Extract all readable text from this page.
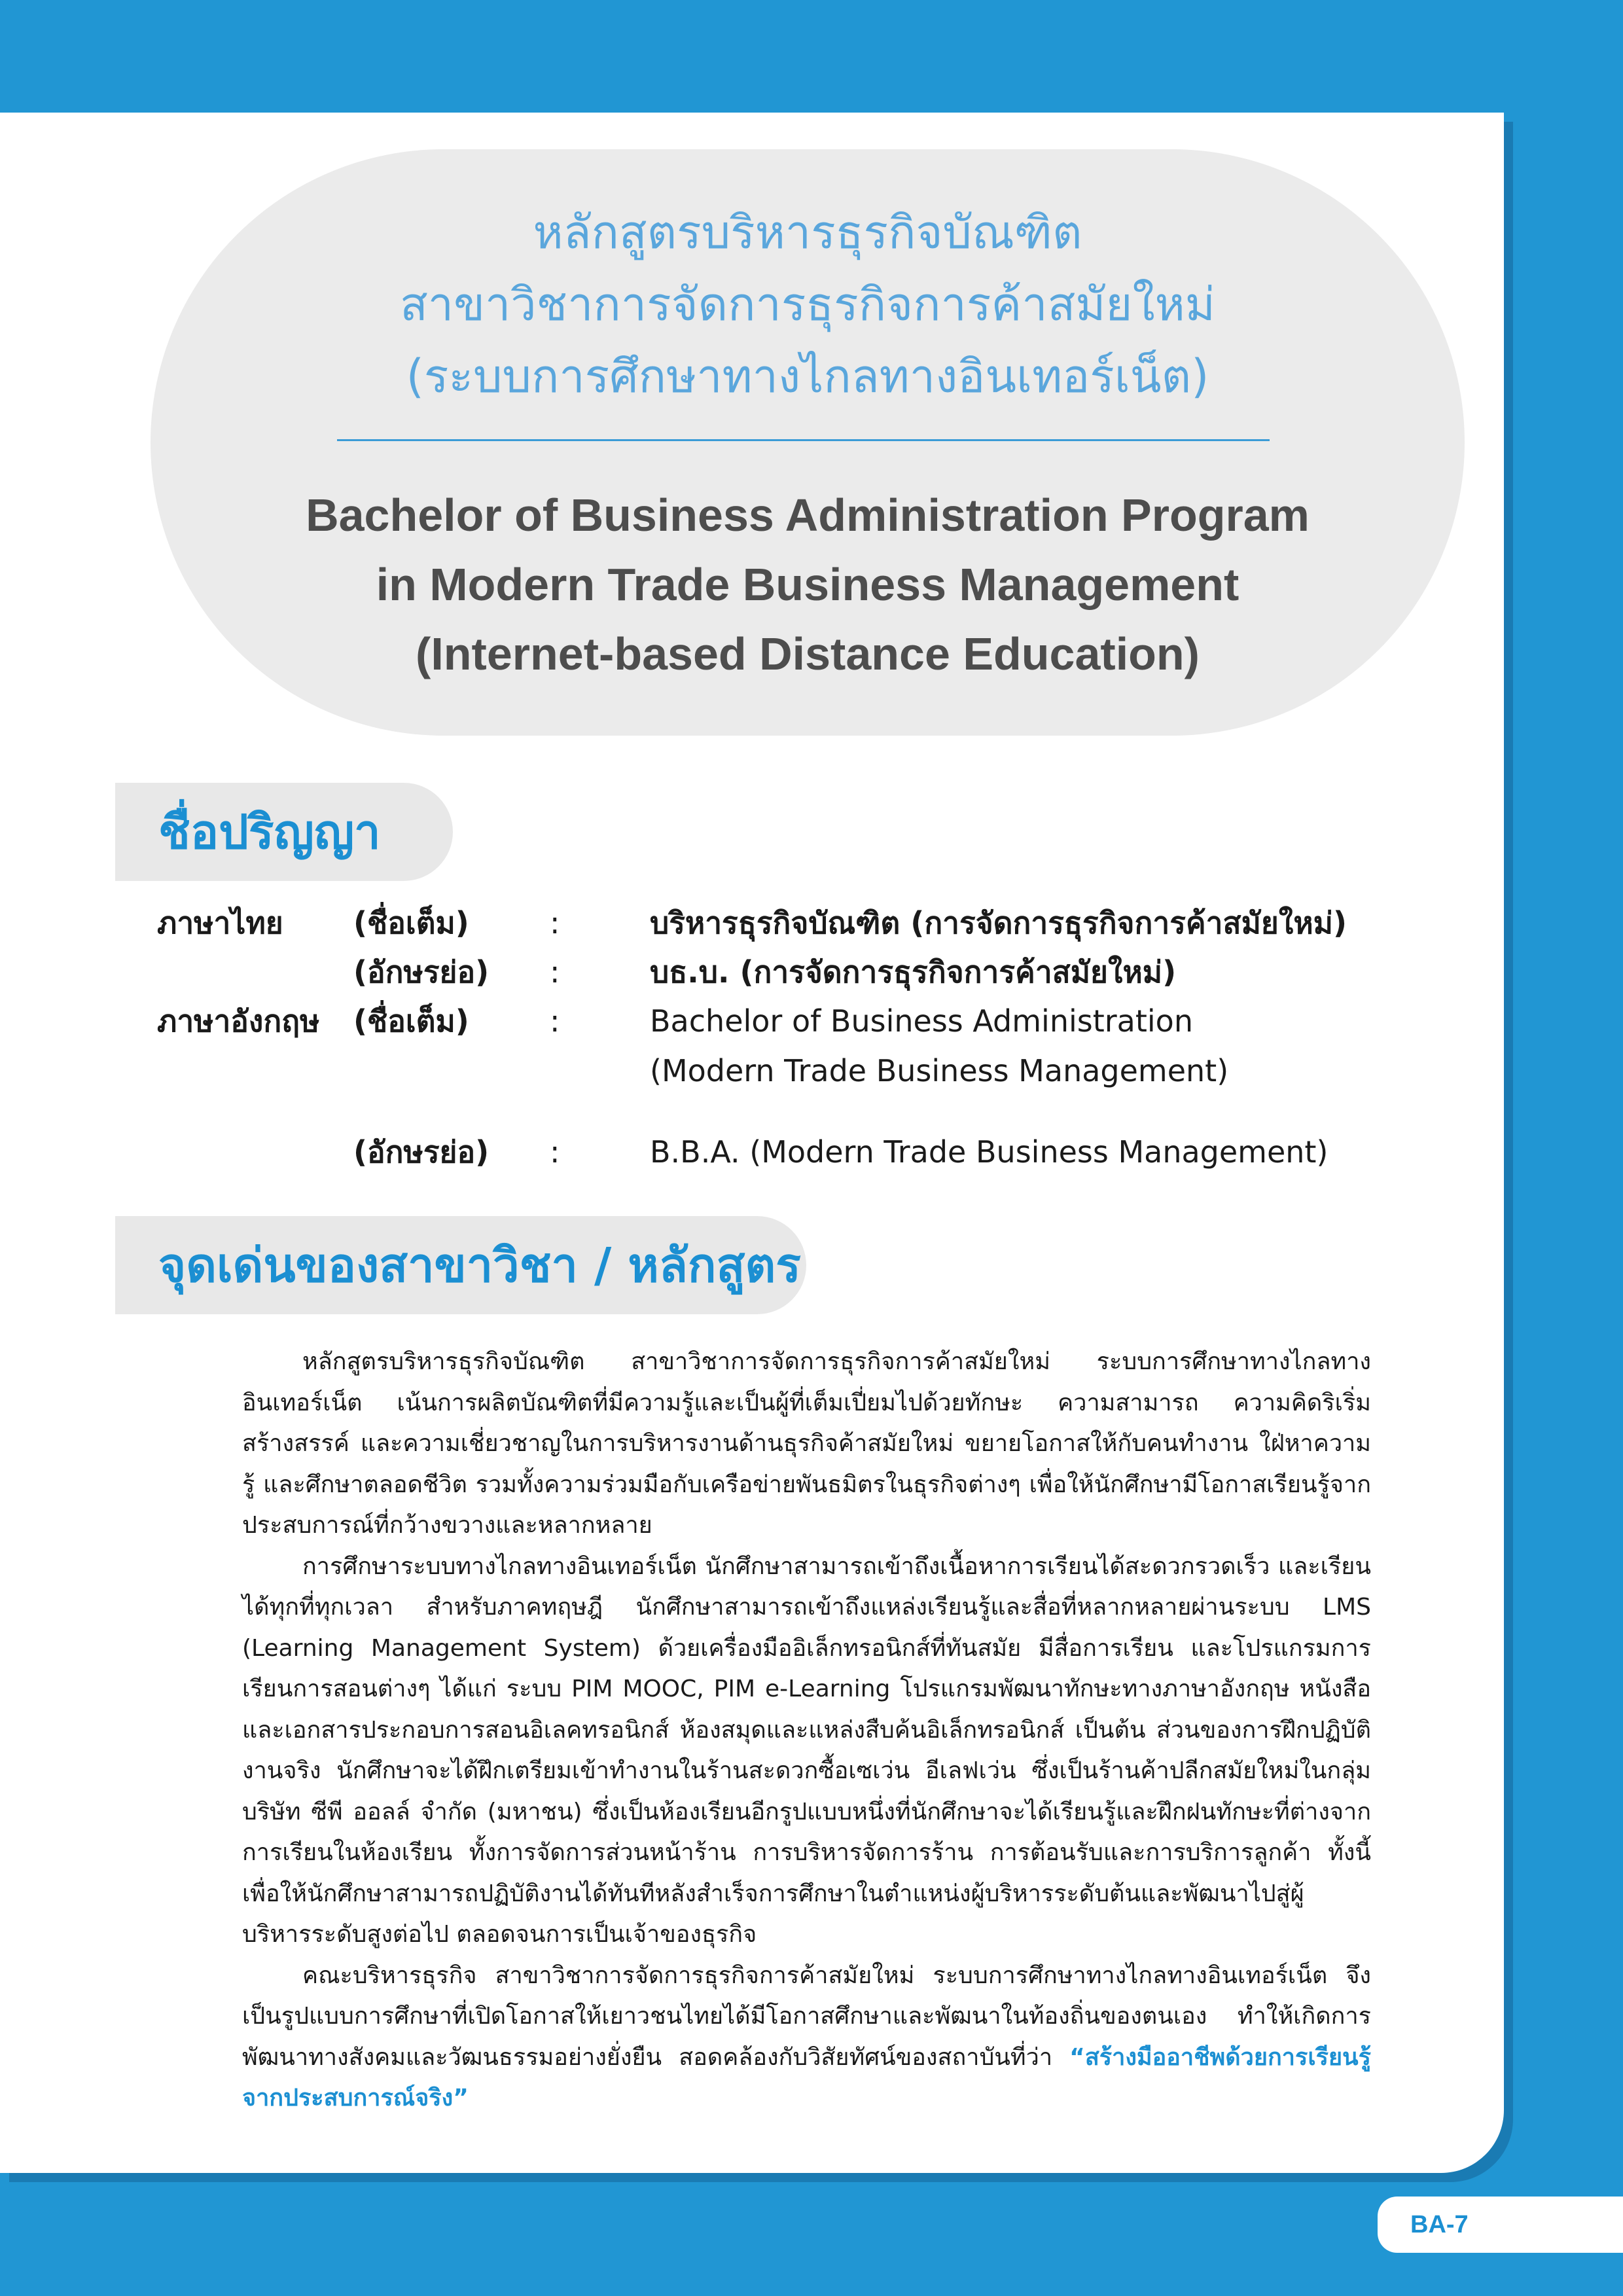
หลักสูตรบริหารธุรกิจบัณฑิต
สาขาวิชาการจัดการธุรกิจการค้าสมัยใหม่
(ระบบการศึกษาทางไกลทางอินเทอร์เน็ต)
Bachelor of Business Administration Program
in Modern Trade Business Management
(Internet-based Distance Education)
ชื่อปริญญา
ภาษาไทย (ชื่อเต็ม)	:	บริหารธุรกิจบัณฑิต (การจัดการธุรกิจการค้าสมัยใหม่)
(อักษรย่อ) :	บธ.บ. (การจัดการธุรกิจการค้าสมัยใหม่)
ภาษาอังกฤษ (ชื่อเต็ม)	:	Bachelor of Business Administration
(Modern Trade Business Management)
(อักษรย่อ) :	B.B.A. (Modern Trade Business Management)
จุดเด่นของสาขาวิชา / หลักสูตร

หลักสูตรบริหารธุรกิจบัณฑิต สาขาวิชาการจัดการธุรกิจการค้าสมัยใหม่ ระบบการศึกษาทางไกลทางอินเทอร์เน็ต เน้นการผลิตบัณฑิตที่มีความรู้และเป็นผู้ที่เต็มเปี่ยมไปด้วยทักษะ ความสามารถ ความคิดริเริ่มสร้างสรรค์ และความเชี่ยวชาญในการบริหารงานด้านธุรกิจค้าสมัยใหม่ ขยายโอกาสให้กับคนทำงาน ใฝ่หาความรู้ และศึกษาตลอดชีวิต รวมทั้งความร่วมมือกับเครือข่ายพันธมิตรในธุรกิจต่างๆ เพื่อให้นักศึกษามีโอกาสเรียนรู้จากประสบการณ์ที่กว้างขวางและหลากหลาย

การศึกษาระบบทางไกลทางอินเทอร์เน็ต นักศึกษาสามารถเข้าถึงเนื้อหาการเรียนได้สะดวกรวดเร็ว และเรียนได้ทุกที่ทุกเวลา สำหรับภาคทฤษฎี นักศึกษาสามารถเข้าถึงแหล่งเรียนรู้และสื่อที่หลากหลายผ่านระบบ LMS (Learning Management System) ด้วยเครื่องมืออิเล็กทรอนิกส์ที่ทันสมัย มีสื่อการเรียน และโปรแกรมการเรียนการสอนต่างๆ ได้แก่ ระบบ PIM MOOC, PIM e-Learning โปรแกรมพัฒนาทักษะทางภาษาอังกฤษ หนังสือและเอกสารประกอบการสอนอิเลคทรอนิกส์ ห้องสมุดและแหล่งสืบค้นอิเล็กทรอนิกส์ เป็นต้น ส่วนของการฝึกปฏิบัติงานจริง นักศึกษาจะได้ฝึกเตรียมเข้าทำงานในร้านสะดวกซื้อเซเว่น อีเลฟเว่น ซึ่งเป็นร้านค้าปลีกสมัยใหม่ในกลุ่มบริษัท ซีพี ออลล์ จำกัด (มหาชน) ซึ่งเป็นห้องเรียนอีกรูปแบบหนึ่งที่นักศึกษาจะได้เรียนรู้และฝึกฝนทักษะที่ต่างจากการเรียนในห้องเรียน ทั้งการจัดการส่วนหน้าร้าน การบริหารจัดการร้าน การต้อนรับและการบริการลูกค้า ทั้งนี้เพื่อให้นักศึกษาสามารถปฏิบัติงานได้ทันทีหลังสำเร็จการศึกษาในตำแหน่งผู้บริหารระดับต้นและพัฒนาไปสู่ผู้บริหารระดับสูงต่อไป ตลอดจนการเป็นเจ้าของธุรกิจ

คณะบริหารธุรกิจ สาขาวิชาการจัดการธุรกิจการค้าสมัยใหม่ ระบบการศึกษาทางไกลทางอินเทอร์เน็ต จึงเป็นรูปแบบการศึกษาที่เปิดโอกาสให้เยาวชนไทยได้มีโอกาสศึกษาและพัฒนาในท้องถิ่นของตนเอง ทำให้เกิดการพัฒนาทางสังคมและวัฒนธรรมอย่างยั่งยืน สอดคล้องกับวิสัยทัศน์ของสถาบันที่ว่า “สร้างมืออาชีพด้วยการเรียนรู้จากประสบการณ์จริง”

BA-7
